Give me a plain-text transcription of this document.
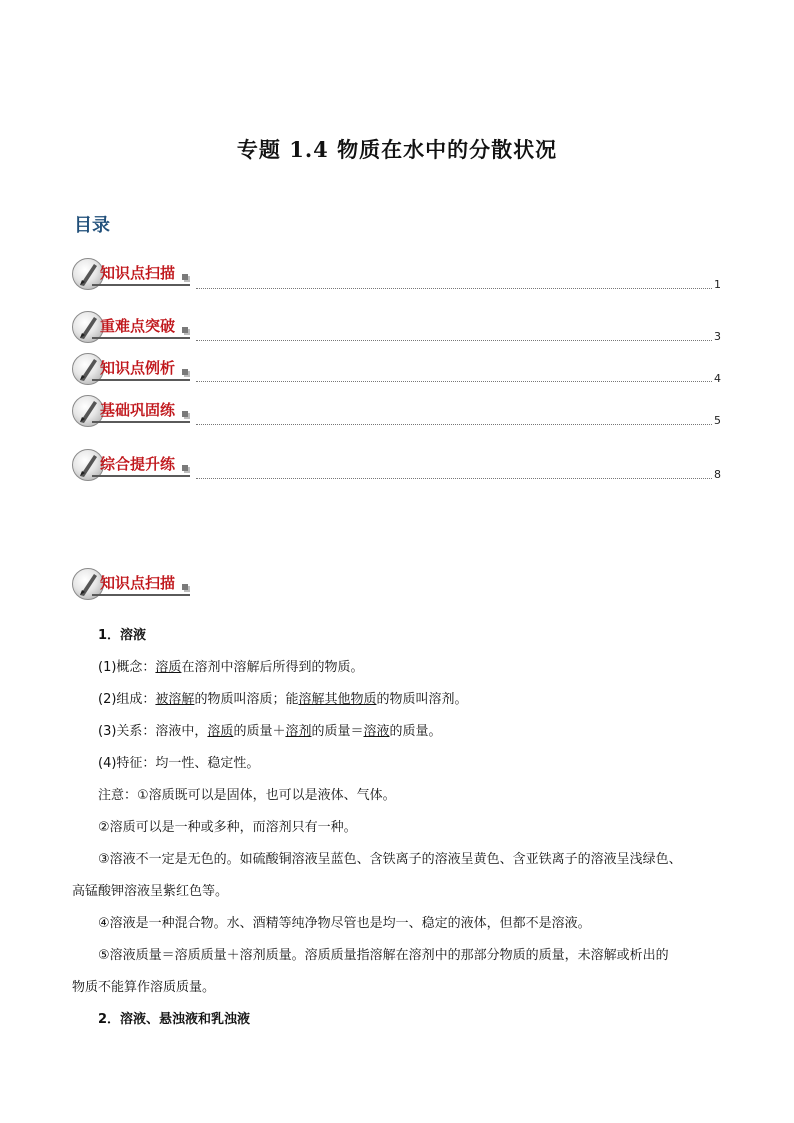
专题 1.4 物质在水中的分散状况
目录
知识点扫描
1
重难点突破
3
知识点例析
4
基础巩固练
5
综合提升练
8
知识点扫描
1．溶液
(1)概念：溶质在溶剂中溶解后所得到的物质。
(2)组成：被溶解的物质叫溶质；能溶解其他物质的物质叫溶剂。
(3)关系：溶液中，溶质的质量＋溶剂的质量＝溶液的质量。
(4)特征：均一性、稳定性。
注意：①溶质既可以是固体，也可以是液体、气体。
②溶质可以是一种或多种，而溶剂只有一种。
③溶液不一定是无色的。如硫酸铜溶液呈蓝色、含铁离子的溶液呈黄色、含亚铁离子的溶液呈浅绿色、
高锰酸钾溶液呈紫红色等。
④溶液是一种混合物。水、酒精等纯净物尽管也是均一、稳定的液体，但都不是溶液。
⑤溶液质量＝溶质质量＋溶剂质量。溶质质量指溶解在溶剂中的那部分物质的质量，未溶解或析出的
物质不能算作溶质质量。
2．溶液、悬浊液和乳浊液
